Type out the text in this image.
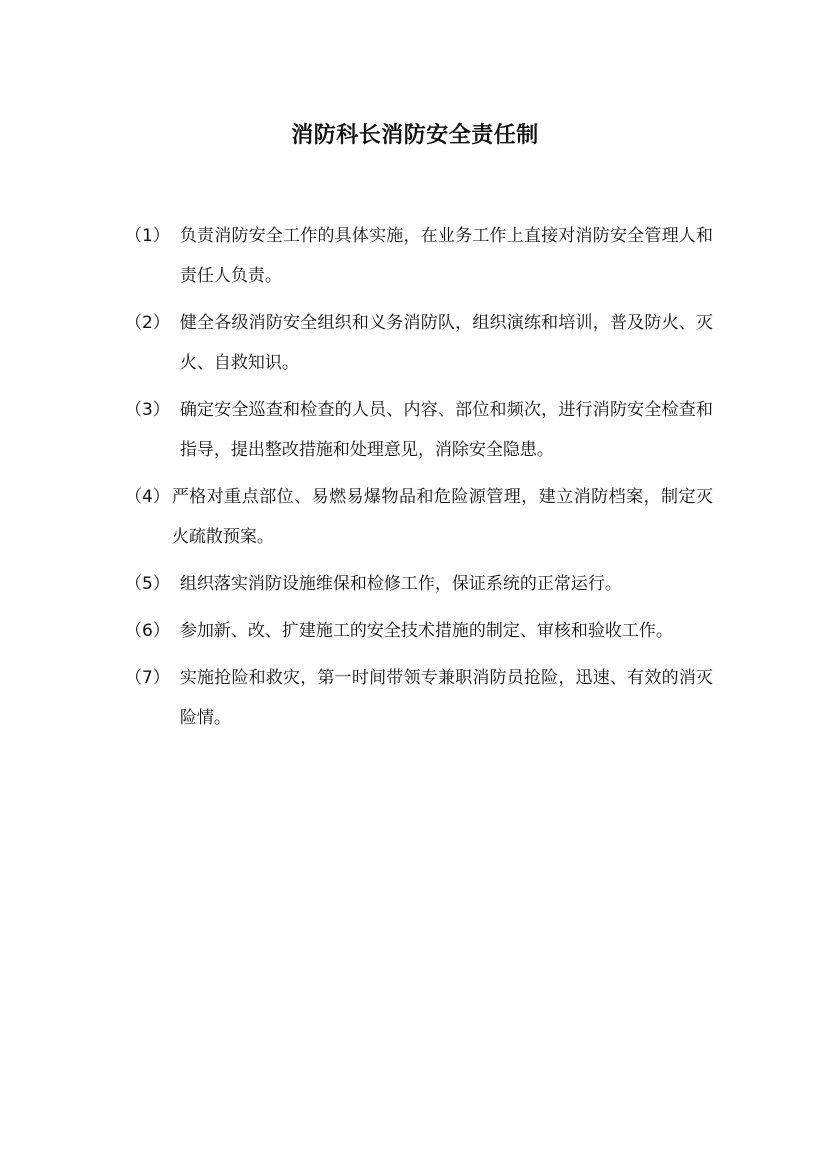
消防科长消防安全责任制
（1） 负责消防安全工作的具体实施，在业务工作上直接对消防安全管理人和责任人负责。
（2） 健全各级消防安全组织和义务消防队，组织演练和培训，普及防火、灭火、自救知识。
（3） 确定安全巡查和检查的人员、内容、部位和频次，进行消防安全检查和指导，提出整改措施和处理意见，消除安全隐患。
（4） 严格对重点部位、易燃易爆物品和危险源管理，建立消防档案，制定灭火疏散预案。
（5） 组织落实消防设施维保和检修工作，保证系统的正常运行。
（6） 参加新、改、扩建施工的安全技术措施的制定、审核和验收工作。
（7） 实施抢险和救灾，第一时间带领专兼职消防员抢险，迅速、有效的消灭险情。
